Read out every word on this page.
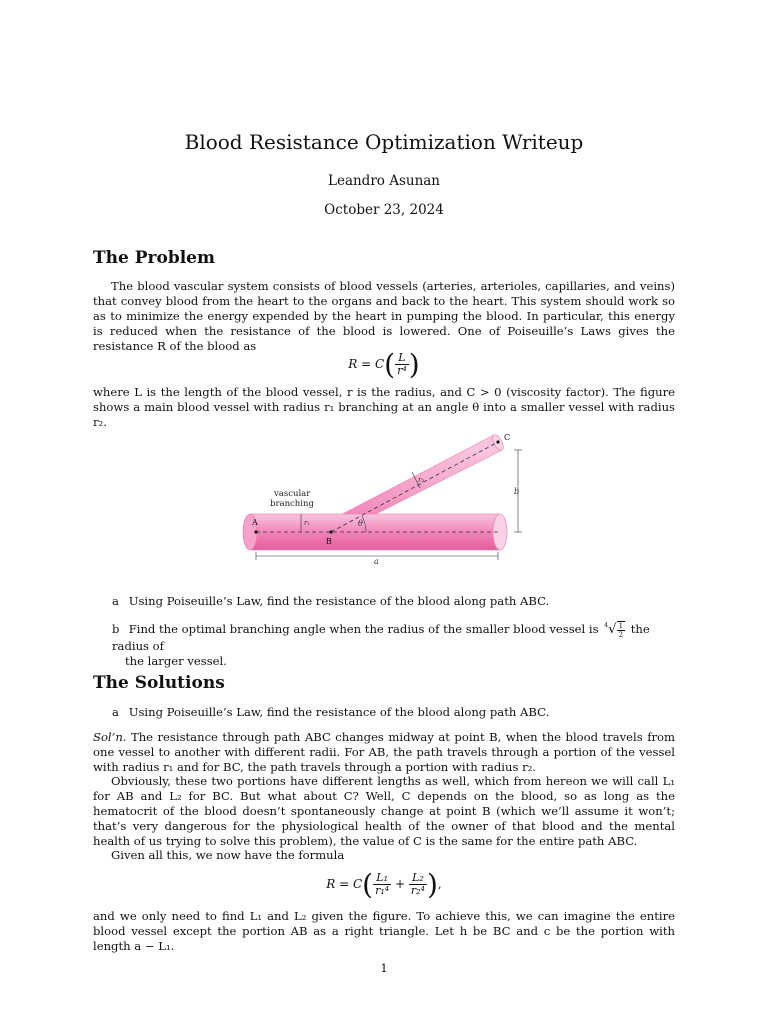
Blood Resistance Optimization Writeup
Leandro Asunan
October 23, 2024
The Problem
The blood vascular system consists of blood vessels (arteries, arterioles, capillaries, and veins) that convey blood from the heart to the organs and back to the heart. This system should work so as to minimize the energy expended by the heart in pumping the blood. In particular, this energy is reduced when the resistance of the blood is lowered. One of Poiseuille’s Laws gives the resistance R of the blood as
$R = C( \frac{L}{\text{r⁴}}$ )
where L is the length of the blood vessel, r is the radius, and C > 0 (viscosity factor). The figure shows a main blood vessel with radius r₁ branching at an angle θ into a smaller vessel with radius r₂.
r₁
r₂
θ
A
B
C
vascular
branching
b
a
a Using Poiseuille’s Law, find the resistance of the blood along path ABC.
b Find the optimal branching angle when the radius of the smaller blood vessel is 4 √ $\frac{1}{2}$ the radius of
the larger vessel.
The Solutions
a Using Poiseuille’s Law, find the resistance of the blood along path ABC.
Sol’n. The resistance through path ABC changes midway at point B, when the blood travels from one vessel to another with different radii. For AB, the path travels through a portion of the vessel with radius r₁ and for BC, the path travels through a portion with radius r₂.
Obviously, these two portions have different lengths as well, which from hereon we will call L₁ for AB and L₂ for BC. But what about C? Well, C depends on the blood, so as long as the hematocrit of the blood doesn’t spontaneously change at point B (which we’ll assume it won’t; that’s very dangerous for the physiological health of the owner of that blood and the mental health of us trying to solve this problem), the value of C is the same for the entire path ABC.
Given all this, we now have the formula
$R = C( \frac{\text{L₁}}{\text{r₁⁴}} + \frac{\text{L₂}}{\text{r₂⁴}}$ ),
and we only need to find L₁ and L₂ given the figure. To achieve this, we can imagine the entire blood vessel except the portion AB as a right triangle. Let h be BC and c be the portion with length a − L₁.
1
